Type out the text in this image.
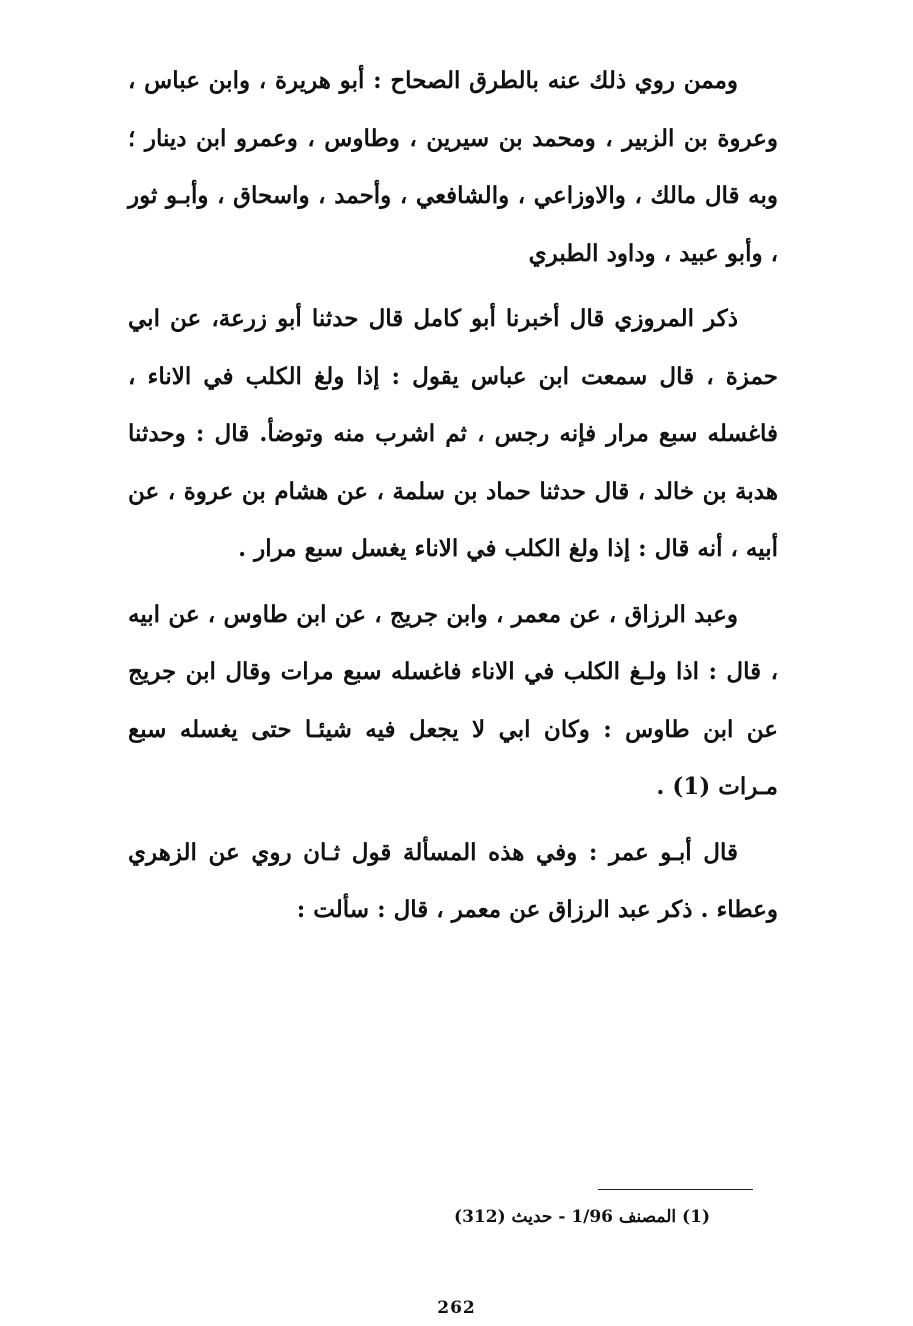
وممن روي ذلك عنه بالطرق الصحاح : أبو هريرة ، وابن عباس ، وعروة بن الزبير ، ومحمد بن سيرين ، وطاوس ، وعمرو ابن دينار ؛ وبه قال مالك ، والاوزاعي ، والشافعي ، وأحمد ، واسحاق ، وأبـو ثور ، وأبو عبيد ، وداود الطبري

ذكر المروزي قال أخبرنا أبو كامل قال حدثنا أبو زرعة، عن ابي حمزة ، قال سمعت ابن عباس يقول : إذا ولغ الكلب في الاناء ، فاغسله سبع مرار فإنه رجس ، ثم اشرب منه وتوضأ. قال : وحدثنا هدبة بن خالد ، قال حدثنا حماد بن سلمة ، عن هشام بن عروة ، عن أبيه ، أنه قال : إذا ولغ الكلب في الاناء يغسل سبع مرار .

وعبد الرزاق ، عن معمر ، وابن جريج ، عن ابن طاوس ، عن ابيه ، قال : اذا ولـغ الكلب في الاناء فاغسله سبع مرات وقال ابن جريج عن ابن طاوس : وكان ابي لا يجعل فيه شيئـا حتى يغسله سبع مـرات (1) .

قال أبـو عمر : وفي هذه المسألة قول ثـان روي عن الزهري وعطاء . ذكر عبد الرزاق عن معمر ، قال : سألت :

(1) المصنف 1/96 - حديث (312)
262
